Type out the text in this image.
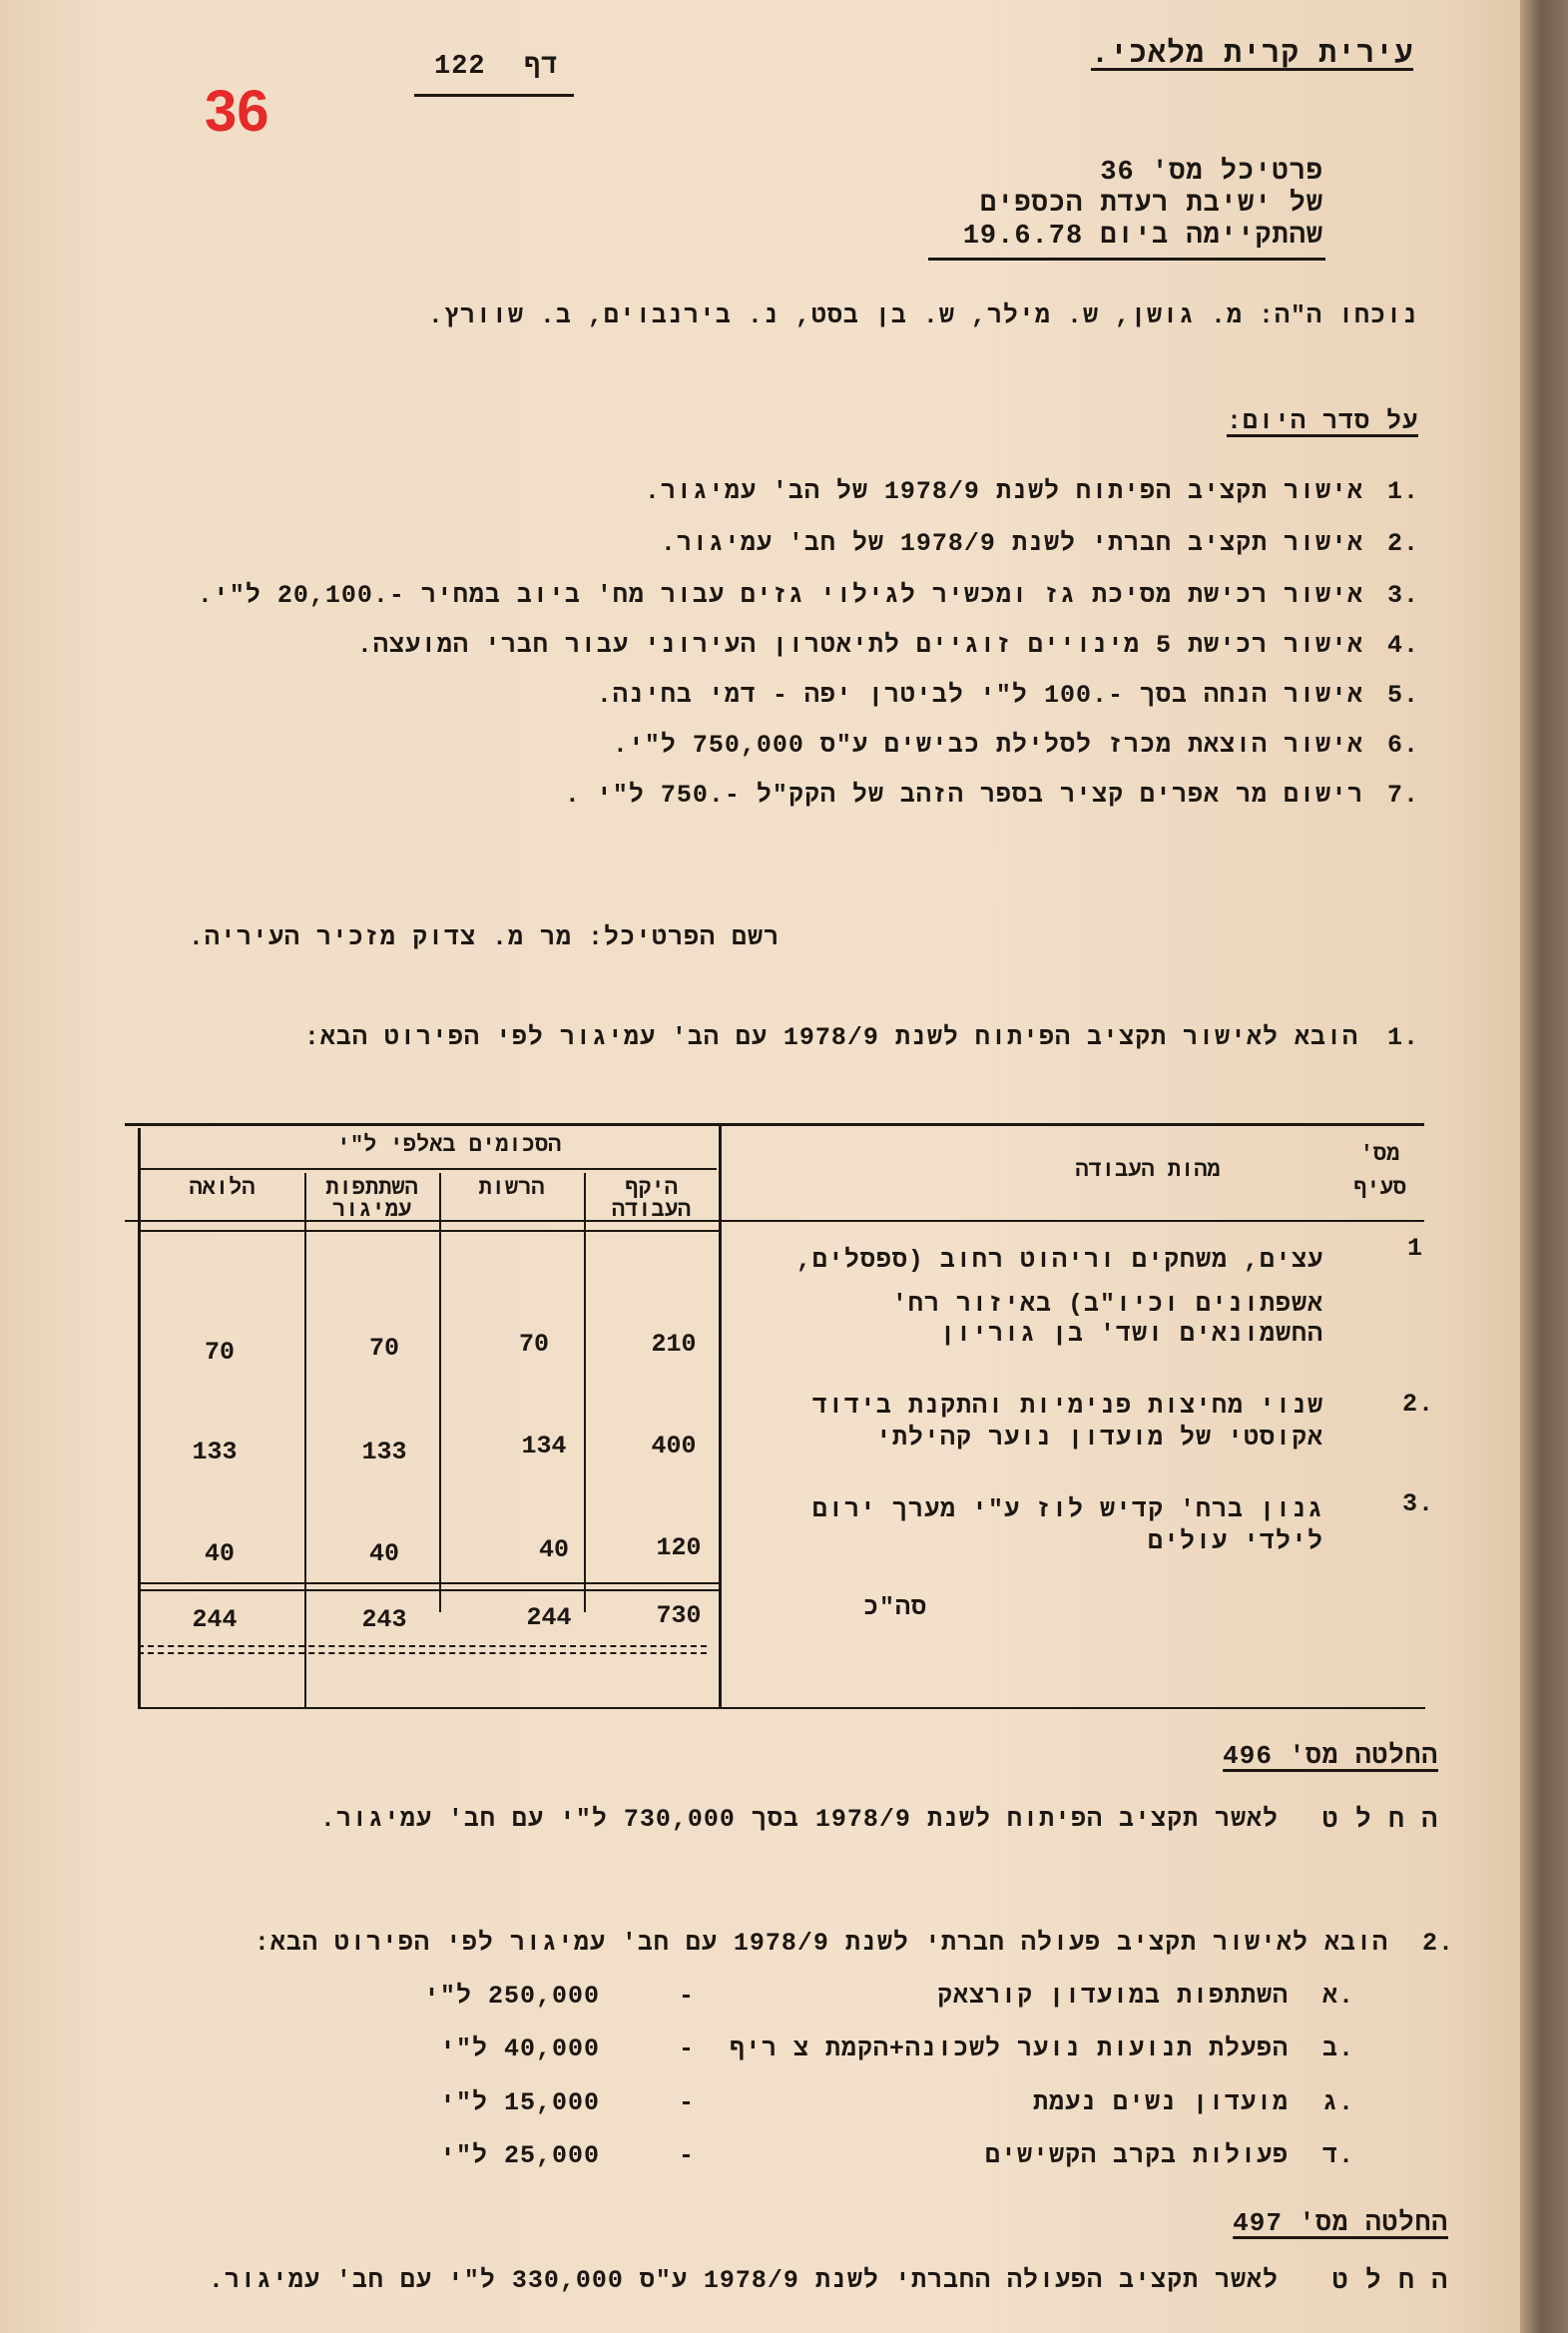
36
122 דף	עירית קרית מלאכי.
פרטיכל מס' 36
של ישיבת רעדת הכספים
שהתקיימה ביום 19.6.78
נוכחו ה"ה: מ. גושן, ש. מילר, ש. בן בסט, נ. בירנבוים, ב. שוורץ.
על סדר היום:
1.
אישור תקציב הפיתוח לשנת 1978/9 של הב' עמיגור.
2.
אישור תקציב חברתי לשנת 1978/9 של חב' עמיגור.
3.
אישור רכישת מסיכת גז ומכשיר לגילוי גזים עבור מח' ביוב במחיר -.20,100 ל"י.
4.
אישור רכישת 5 מינויים זוגיים לתיאטרון העירוני עבור חברי המועצה.
5.
אישור הנחה בסך -.100 ל"י לביטרן יפה - דמי בחינה.
6.
אישור הוצאת מכרז לסלילת כבישים ע"ס 750,000 ל"י.
7.
רישום מר אפרים קציר בספר הזהב של הקק"ל -.750 ל"י .
רשם הפרטיכל: מר מ. צדוק מזכיר העיריה.
1.
הובא לאישור תקציב הפיתוח לשנת 1978/9 עם הב' עמיגור לפי הפירוט הבא:
הסכומים באלפי ל"י
היקף העבודה
הרשות
השתתפות עמיגור
הלואה
מהות העבודה
מס' סעיף
1
עצים, משחקים וריהוט רחוב (ספסלים,
אשפתונים וכיו"ב) באיזור רח'
החשמונאים ושד' בן גוריון
210
70
70
70
2.
שנוי מחיצות פנימיות והתקנת בידוד
אקוסטי של מועדון נוער קהילתי
400
134
133
133
3.
גנון ברח' קדיש לוז ע"י מערך ירום
לילדי עולים
120
40
40
40
סה"כ
730
244
243
244
החלטה מס' 496
ה ח ל ט
לאשר תקציב הפיתוח לשנת 1978/9 בסך 730,000 ל"י עם חב' עמיגור.
2.
הובא לאישור תקציב פעולה חברתי לשנת 1978/9 עם חב' עמיגור לפי הפירוט הבא:
א.
השתתפות במועדון קורצאק
-
250,000 ל"י
ב.
הפעלת תנועות נוער לשכונה+הקמת צ ריף
-
40,000 ל"י
ג.
מועדון נשים נעמת
-
15,000 ל"י
ד.
פעולות בקרב הקשישים
-
25,000 ל"י
החלטה מס' 497
ה ח ל ט
לאשר תקציב הפעולה החברתי לשנת 1978/9 ע"ס 330,000 ל"י עם חב' עמיגור.
